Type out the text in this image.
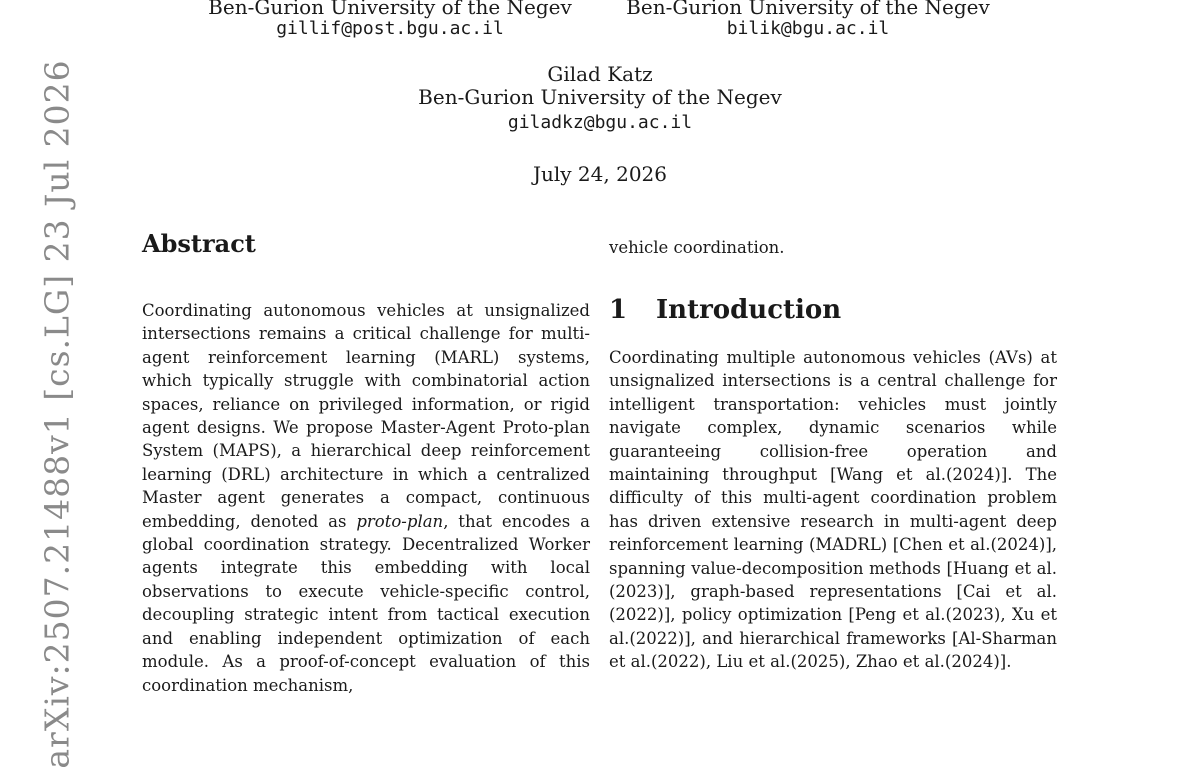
arXiv:2507.21488v1 [cs.LG] 23 Jul 2026
Ben-Gurion University of the Negev
gillif@post.bgu.ac.il
Ben-Gurion University of the Negev
bilik@bgu.ac.il
Gilad Katz
Ben-Gurion University of the Negev
giladkz@bgu.ac.il
July 24, 2026
Abstract
Coordinating autonomous vehicles at unsignalized intersections remains a critical challenge for multi-agent reinforcement learning (MARL) systems, which typically struggle with combinatorial action spaces, reliance on privileged information, or rigid agent designs. We propose Master-Agent Proto-plan System (MAPS), a hierarchical deep reinforcement learning (DRL) architecture in which a centralized Master agent generates a compact, continuous embedding, denoted as proto-plan, that encodes a global coordination strategy. Decentralized Worker agents integrate this embedding with local observations to execute vehicle-specific control, decoupling strategic intent from tactical execution and enabling independent optimization of each module. As a proof-of-concept evaluation of this coordination mechanism,
vehicle coordination.
1 Introduction
Coordinating multiple autonomous vehicles (AVs) at unsignalized intersections is a central challenge for intelligent transportation: vehicles must jointly navigate complex, dynamic scenarios while guaranteeing collision-free operation and maintaining throughput [Wang et al.(2024)]. The difficulty of this multi-agent coordination problem has driven extensive research in multi-agent deep reinforcement learning (MADRL) [Chen et al.(2024)], spanning value-decomposition methods [Huang et al.(2023)], graph-based representations [Cai et al.(2022)], policy optimization [Peng et al.(2023), Xu et al.(2022)], and hierarchical frameworks [Al-Sharman et al.(2022), Liu et al.(2025), Zhao et al.(2024)].
